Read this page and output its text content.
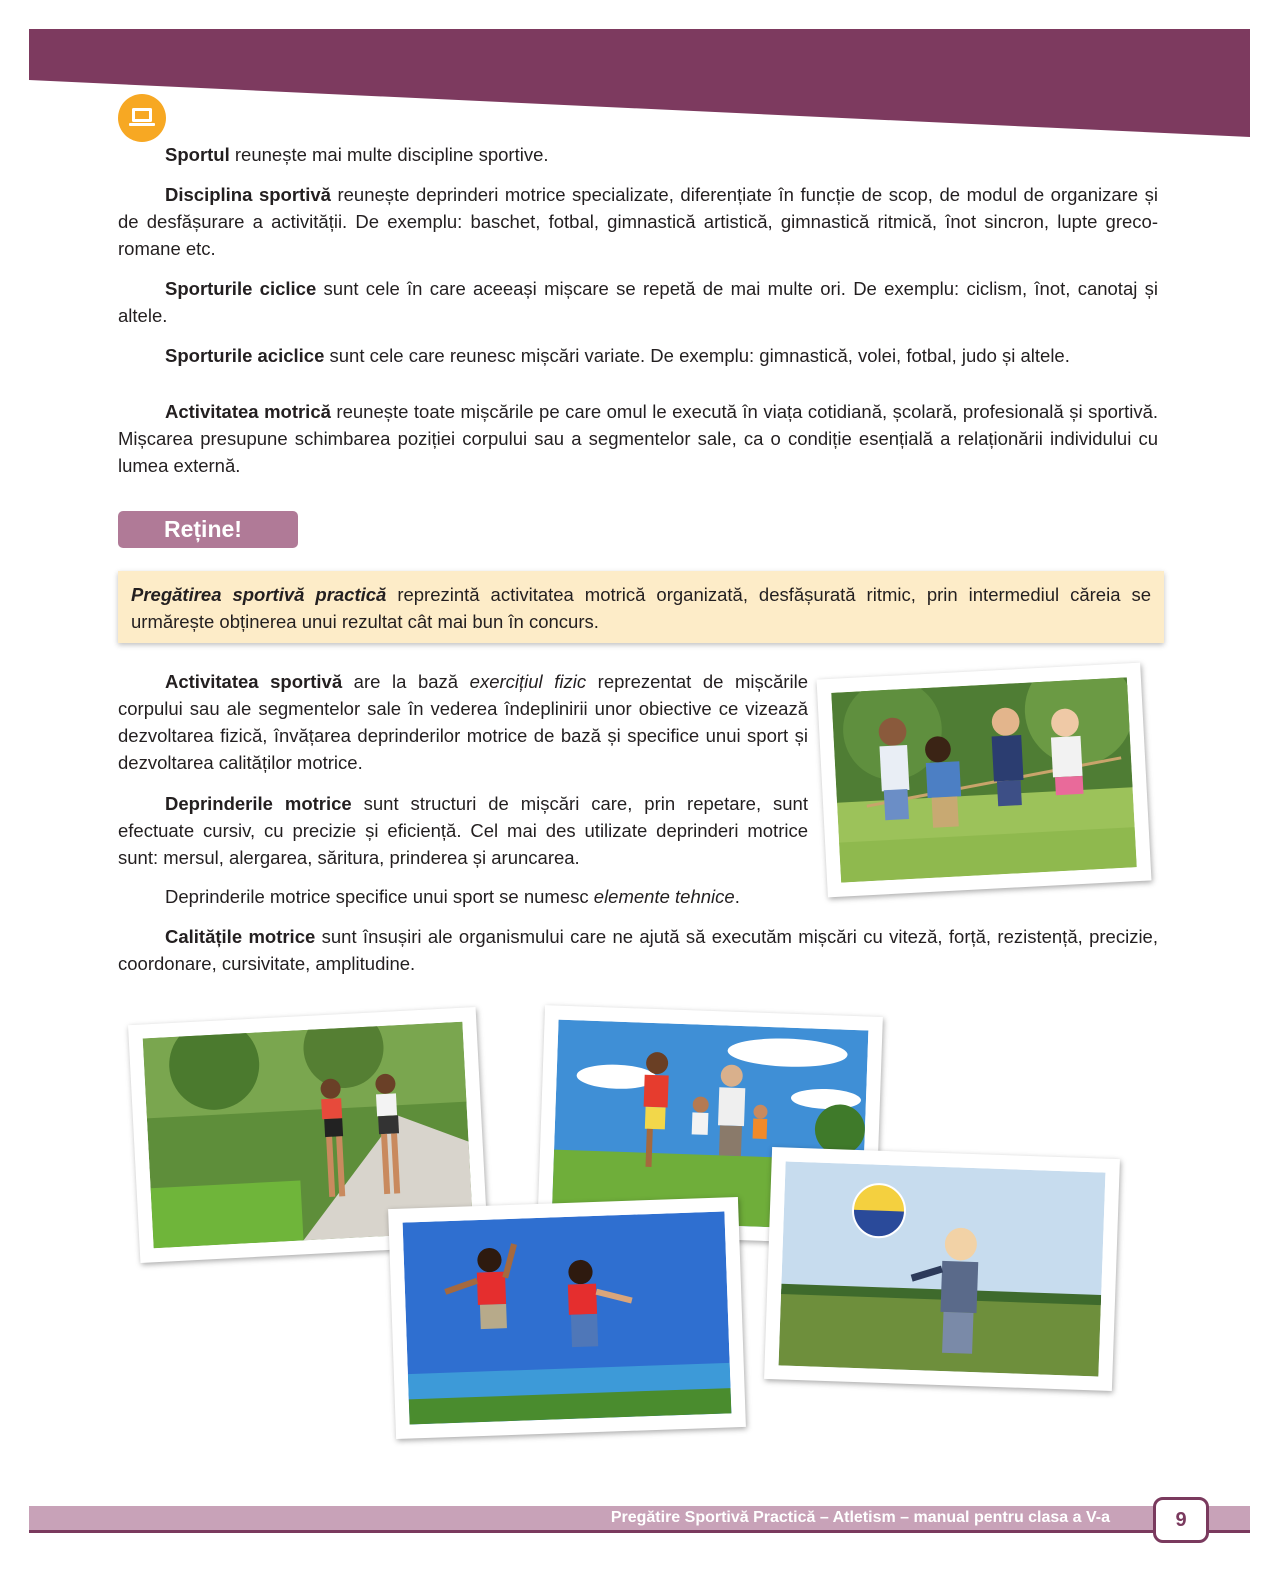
Sportul reunește mai multe discipline sportive.

Disciplina sportivă reunește deprinderi motrice specializate, diferențiate în funcție de scop, de modul de organizare și de desfășurare a activității. De exemplu: baschet, fotbal, gimnastică artistică, gimnastică ritmică, înot sincron, lupte greco-romane etc.

Sporturile ciclice sunt cele în care aceeași mișcare se repetă de mai multe ori. De exemplu: ciclism, înot, canotaj și altele.

Sporturile aciclice sunt cele care reunesc mișcări variate. De exemplu: gimnastică, volei, fotbal, judo și altele.

Activitatea motrică reunește toate mișcările pe care omul le execută în viața cotidiană, școlară, profesională și sportivă. Mișcarea presupune schimbarea poziției corpului sau a segmentelor sale, ca o condiție esențială a relaționării individului cu lumea externă.

Reține!
Pregătirea sportivă practică reprezintă activitatea motrică organizată, desfășurată ritmic, prin intermediul căreia se urmărește obținerea unui rezultat cât mai bun în concurs.

Activitatea sportivă are la bază exercițiul fizic reprezentat de mișcările corpului sau ale segmentelor sale în vederea îndeplinirii unor obiective ce vizează dezvoltarea fizică, învățarea deprinderilor motrice de bază și specifice unui sport și dezvoltarea calităților motrice.

Deprinderile motrice sunt structuri de mișcări care, prin repetare, sunt efectuate cursiv, cu precizie și eficiență. Cel mai des utilizate deprinderi motrice sunt: mersul, alergarea, săritura, prinderea și aruncarea.

Deprinderile motrice specifice unui sport se numesc elemente tehnice.

Calitățile motrice sunt însușiri ale organismului care ne ajută să executăm mișcări cu viteză, forță, rezistență, precizie, coordonare, cursivitate, amplitudine.

Pregătire Sportivă Practică – Atletism – manual pentru clasa a V-a	9
